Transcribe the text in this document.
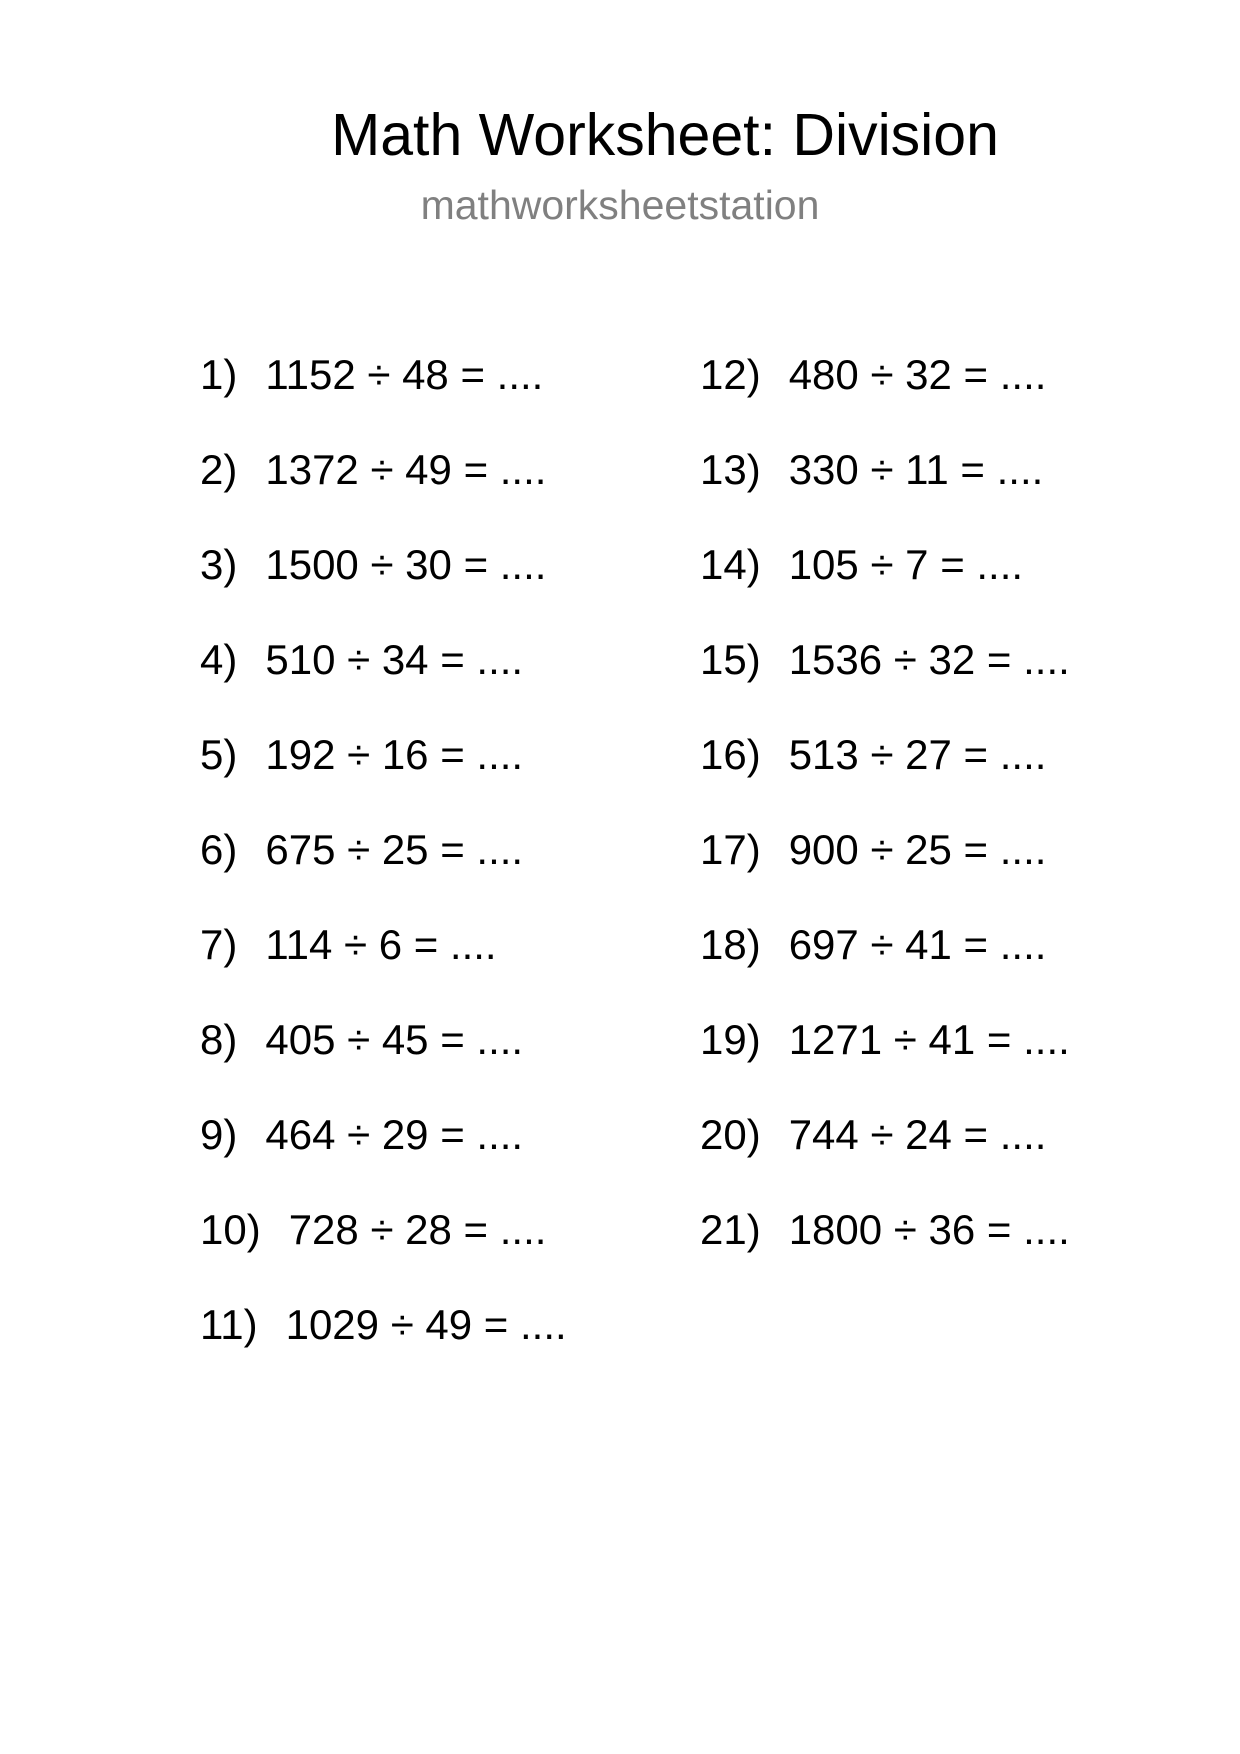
Math Worksheet: Division
mathworksheetstation
1) 1152 ÷ 48 = ....
2) 1372 ÷ 49 = ....
3) 1500 ÷ 30 = ....
4) 510 ÷ 34 = ....
5) 192 ÷ 16 = ....
6) 675 ÷ 25 = ....
7) 114 ÷ 6 = ....
8) 405 ÷ 45 = ....
9) 464 ÷ 29 = ....
10) 728 ÷ 28 = ....
11) 1029 ÷ 49 = ....
12) 480 ÷ 32 = ....
13) 330 ÷ 11 = ....
14) 105 ÷ 7 = ....
15) 1536 ÷ 32 = ....
16) 513 ÷ 27 = ....
17) 900 ÷ 25 = ....
18) 697 ÷ 41 = ....
19) 1271 ÷ 41 = ....
20) 744 ÷ 24 = ....
21) 1800 ÷ 36 = ....
